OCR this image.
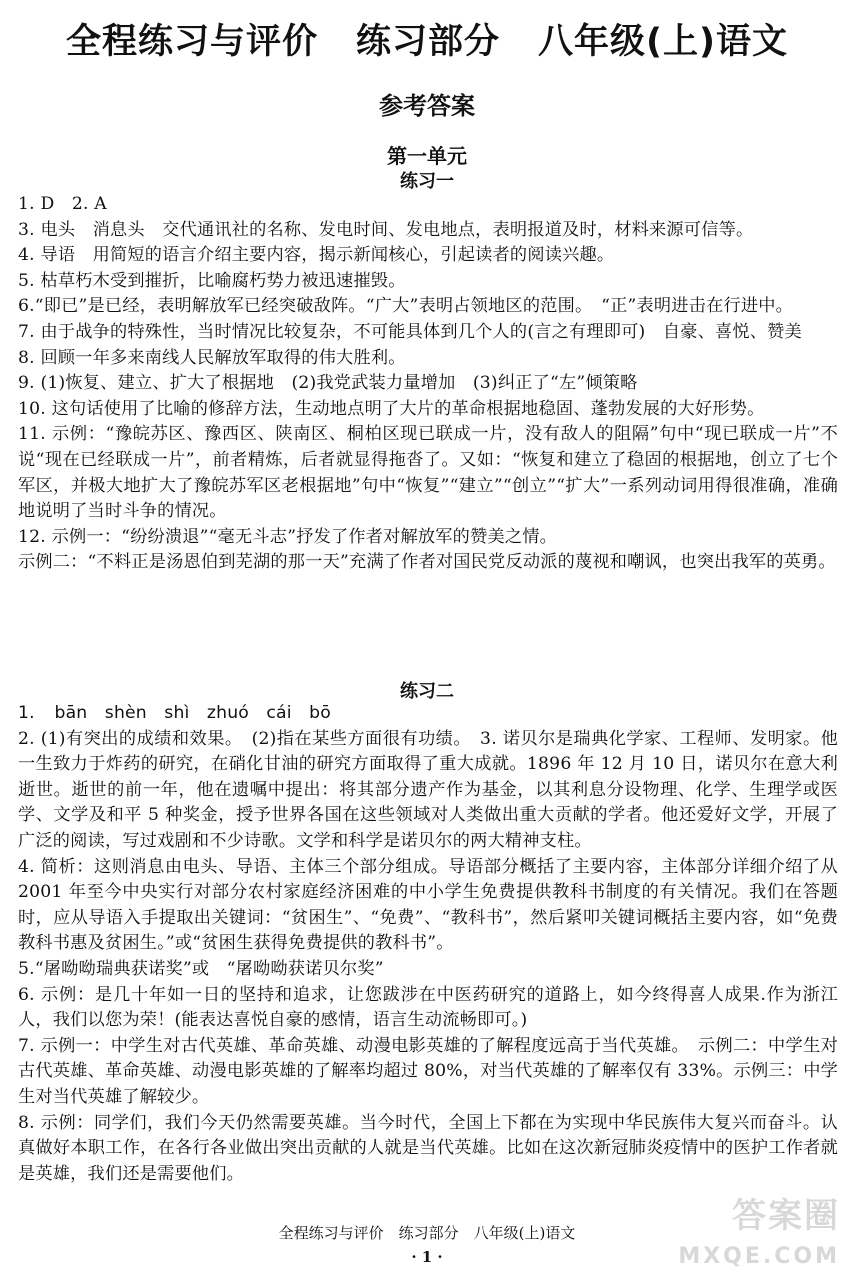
全程练习与评价 练习部分 八年级(上)语文
参考答案
第一单元
练习一

1. D　2. A

3. 电头　消息头　交代通讯社的名称、发电时间、发电地点，表明报道及时，材料来源可信等。

4. 导语　用简短的语言介绍主要内容，揭示新闻核心，引起读者的阅读兴趣。

5. 枯草朽木受到摧折，比喻腐朽势力被迅速摧毁。

6.“即已”是已经，表明解放军已经突破敌阵。“广大”表明占领地区的范围。　“正”表明进击在行进中。

7. 由于战争的特殊性，当时情况比较复杂，不可能具体到几个人的(言之有理即可)　自豪、喜悦、赞美

8. 回顾一年多来南线人民解放军取得的伟大胜利。

9. (1)恢复、建立、扩大了根据地　(2)我党武装力量增加　(3)纠正了“左”倾策略

10. 这句话使用了比喻的修辞方法，生动地点明了大片的革命根据地稳固、蓬勃发展的大好形势。

11. 示例：“豫皖苏区、豫西区、陕南区、桐柏区现已联成一片，没有敌人的阻隔”句中“现已联成一片”不说“现在已经联成一片”，前者精炼，后者就显得拖沓了。又如：“恢复和建立了稳固的根据地，创立了七个军区，并极大地扩大了豫皖苏军区老根据地”句中“恢复”“建立”“创立”“扩大”一系列动词用得很准确，准确地说明了当时斗争的情况。

12. 示例一：“纷纷溃退”“毫无斗志”抒发了作者对解放军的赞美之情。

示例二：“不料正是汤恩伯到芜湖的那一天”充满了作者对国民党反动派的蔑视和嘲讽，也突出我军的英勇。

练习二

1. bān　shèn　shì　zhuó　cái　bō

2. (1)有突出的成绩和效果。　(2)指在某些方面很有功绩。　3. 诺贝尔是瑞典化学家、工程师、发明家。他一生致力于炸药的研究，在硝化甘油的研究方面取得了重大成就。1896 年 12 月 10 日，诺贝尔在意大利逝世。逝世的前一年，他在遗嘱中提出：将其部分遗产作为基金，以其利息分设物理、化学、生理学或医学、文学及和平 5 种奖金，授予世界各国在这些领域对人类做出重大贡献的学者。他还爱好文学，开展了广泛的阅读，写过戏剧和不少诗歌。文学和科学是诺贝尔的两大精神支柱。

4. 简析：这则消息由电头、导语、主体三个部分组成。导语部分概括了主要内容，主体部分详细介绍了从 2001 年至今中央实行对部分农村家庭经济困难的中小学生免费提供教科书制度的有关情况。我们在答题时，应从导语入手提取出关键词：“贫困生”、“免费”、“教科书”，然后紧叩关键词概括主要内容，如“免费教科书惠及贫困生。”或“贫困生获得免费提供的教科书”。

5.“屠呦呦瑞典获诺奖”或　“屠呦呦获诺贝尔奖”

6. 示例：是几十年如一日的坚持和追求，让您跋涉在中医药研究的道路上，如今终得喜人成果.作为浙江人，我们以您为荣！(能表达喜悦自豪的感情，语言生动流畅即可。)

7. 示例一：中学生对古代英雄、革命英雄、动漫电影英雄的了解程度远高于当代英雄。　示例二：中学生对古代英雄、革命英雄、动漫电影英雄的了解率均超过 80%，对当代英雄的了解率仅有 33%。示例三：中学生对当代英雄了解较少。

8. 示例：同学们，我们今天仍然需要英雄。当今时代，全国上下都在为实现中华民族伟大复兴而奋斗。认真做好本职工作，在各行各业做出突出贡献的人就是当代英雄。比如在这次新冠肺炎疫情中的医护工作者就是英雄，我们还是需要他们。

全程练习与评价　练习部分　八年级(上)语文
· 1 ·
答案圈
MXQE.COM
